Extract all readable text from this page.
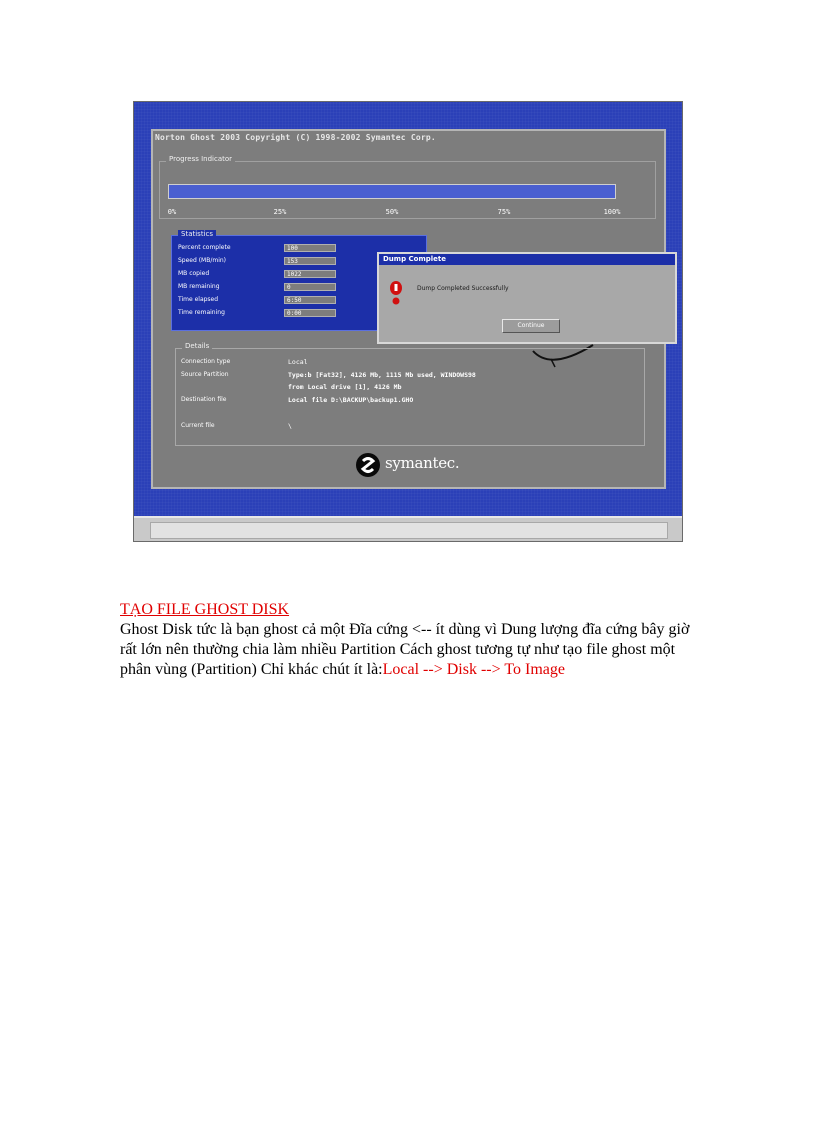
Norton Ghost 2003 Copyright (C) 1998-2002 Symantec Corp.
Progress Indicator
0%	25%	50%	75%	100%
Statistics
Percent complete	100
Speed (MB/min)	153
MB copied	1022
MB remaining	0
Time elapsed	6:50
Time remaining	0:00
Details
Connection type	Local
Source Partition	Type:b [Fat32], 4126 Mb, 1115 Mb used, WINDOWS98
from Local drive [1], 4126 Mb
Destination file	Local file D:\BACKUP\backup1.GHO
Current file	\
symantec.
Dump Complete
Dump Completed Successfully
Continue
TẠO FILE GHOST DISK

Ghost Disk tức là bạn ghost cả một Đĩa cứng <-- ít dùng vì Dung lượng đĩa cứng bây giờ rất lớn nên thường chia làm nhiều Partition Cách ghost tương tự như tạo file ghost một phân vùng (Partition) Chỉ khác chút ít là:Local --> Disk --> To Image
